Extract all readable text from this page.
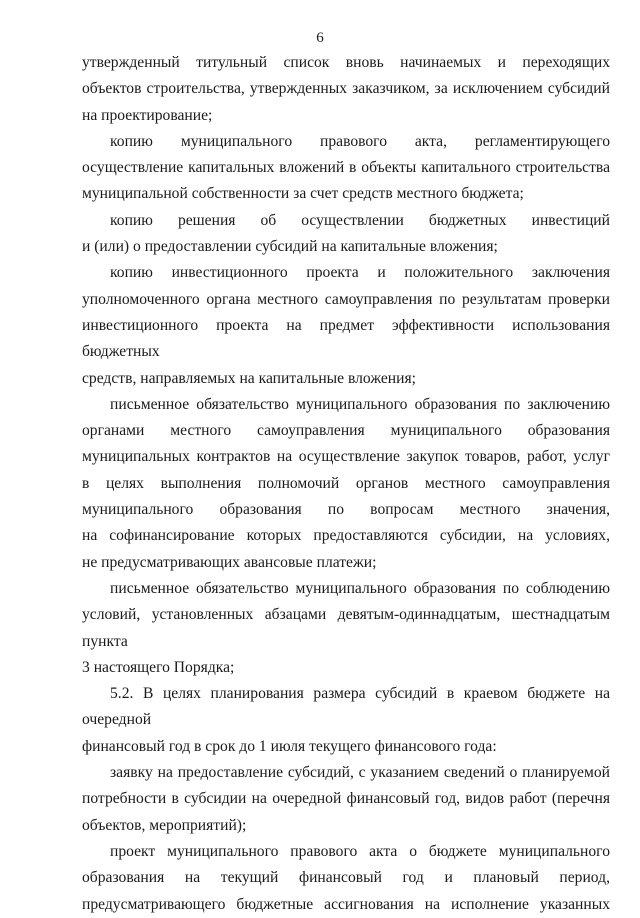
6
утвержденный титульный список вновь начинаемых и переходящих
объектов строительства, утвержденных заказчиком, за исключением субсидий
на проектирование;
копию муниципального правового акта, регламентирующего
осуществление капитальных вложений в объекты капитального строительства
муниципальной собственности за счет средств местного бюджета;
копию решения об осуществлении бюджетных инвестиций
и (или) о предоставлении субсидий на капитальные вложения;
копию инвестиционного проекта и положительного заключения
уполномоченного органа местного самоуправления по результатам проверки
инвестиционного проекта на предмет эффективности использования бюджетных
средств, направляемых на капитальные вложения;
письменное обязательство муниципального образования по заключению
органами местного самоуправления муниципального образования
муниципальных контрактов на осуществление закупок товаров, работ, услуг
в целях выполнения полномочий органов местного самоуправления
муниципального образования по вопросам местного значения,
на софинансирование которых предоставляются субсидии, на условиях,
не предусматривающих авансовые платежи;
письменное обязательство муниципального образования по соблюдению
условий, установленных абзацами девятым-одиннадцатым, шестнадцатым пункта
3 настоящего Порядка;
5.2. В целях планирования размера субсидий в краевом бюджете на очередной
финансовый год в срок до 1 июля текущего финансового года:
заявку на предоставление субсидий, с указанием сведений о планируемой
потребности в субсидии на очередной финансовый год, видов работ (перечня
объектов, мероприятий);
проект муниципального правового акта о бюджете муниципального
образования на текущий финансовый год и плановый период,
предусматривающего бюджетные ассигнования на исполнение указанных
